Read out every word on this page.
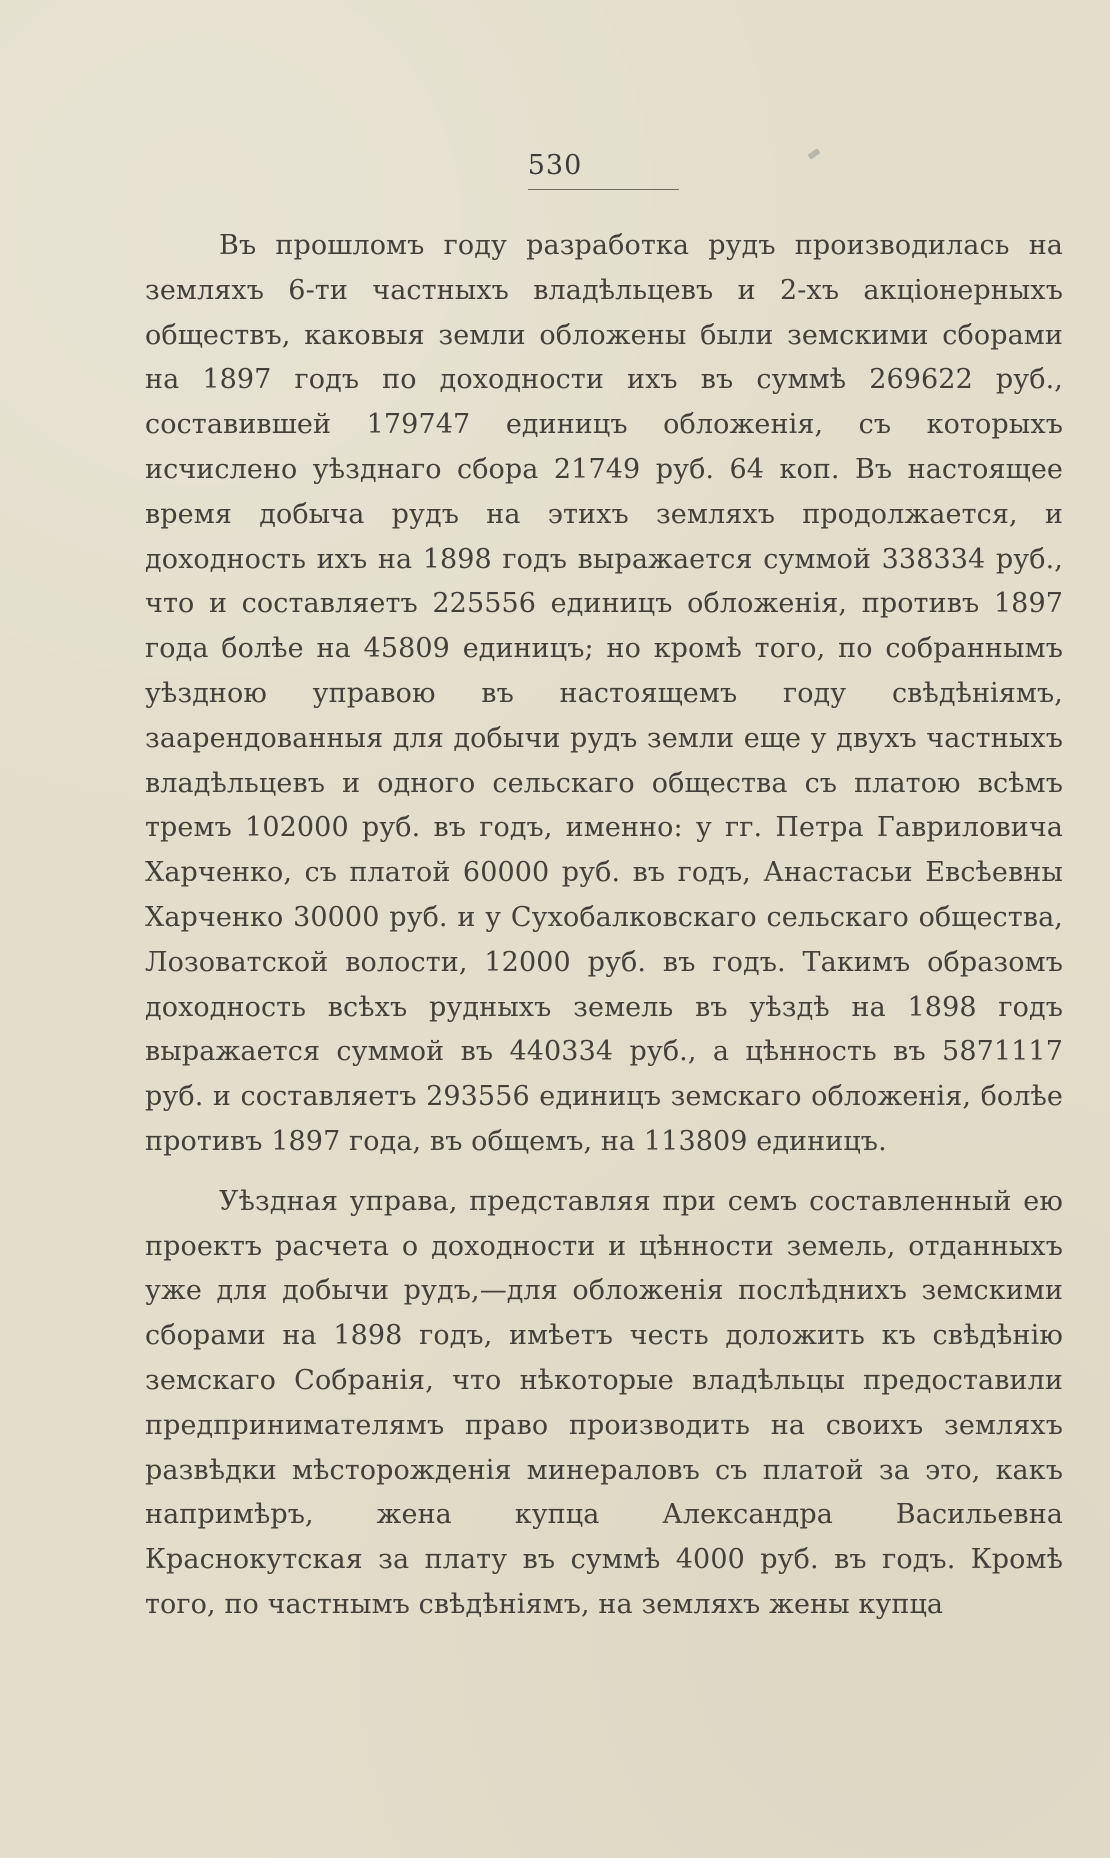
530

Въ прошломъ году разработка рудъ производилась на земляхъ 6-ти частныхъ владѣльцевъ и 2-хъ акціонерныхъ обществъ, каковыя земли обложены были земскими сборами на 1897 годъ по доходности ихъ въ суммѣ 269622 руб., составившей 179747 единицъ обложенія, съ которыхъ исчислено уѣзднаго сбора 21749 руб. 64 коп. Въ настоящее время добыча рудъ на этихъ земляхъ продолжается, и доходность ихъ на 1898 годъ выражается суммой 338334 руб., что и составляетъ 225556 единицъ обложенія, противъ 1897 года болѣе на 45809 единицъ; но кромѣ того, по собраннымъ уѣздною управою въ настоящемъ году свѣдѣніямъ, заарендованныя для добычи рудъ земли еще у двухъ частныхъ владѣльцевъ и одного сельскаго общества съ платою всѣмъ тремъ 102000 руб. въ годъ, именно: у гг. Петра Гавриловича Харченко, съ платой 60000 руб. въ годъ, Анастасьи Евсѣевны Харченко 30000 руб. и у Сухобалковскаго сельскаго общества, Лозоватской волости, 12000 руб. въ годъ. Такимъ образомъ доходность всѣхъ рудныхъ земель въ уѣздѣ на 1898 годъ выражается суммой въ 440334 руб., а цѣнность въ 5871117 руб. и составляетъ 293556 единицъ земскаго обложенія, болѣе противъ 1897 года, въ общемъ, на 113809 единицъ.

Уѣздная управа, представляя при семъ составленный ею проектъ расчета о доходности и цѣнности земель, отданныхъ уже для добычи рудъ,—для обложенія послѣднихъ земскими сборами на 1898 годъ, имѣетъ честь доложить къ свѣдѣнію земскаго Собранія, что нѣкоторые владѣльцы предоставили предпринимателямъ право производить на своихъ земляхъ развѣдки мѣсторожденія минераловъ съ платой за это, какъ напримѣръ, жена купца Александра Васильевна Краснокутская за плату въ суммѣ 4000 руб. въ годъ. Кромѣ того, по частнымъ свѣдѣніямъ, на земляхъ жены купца
